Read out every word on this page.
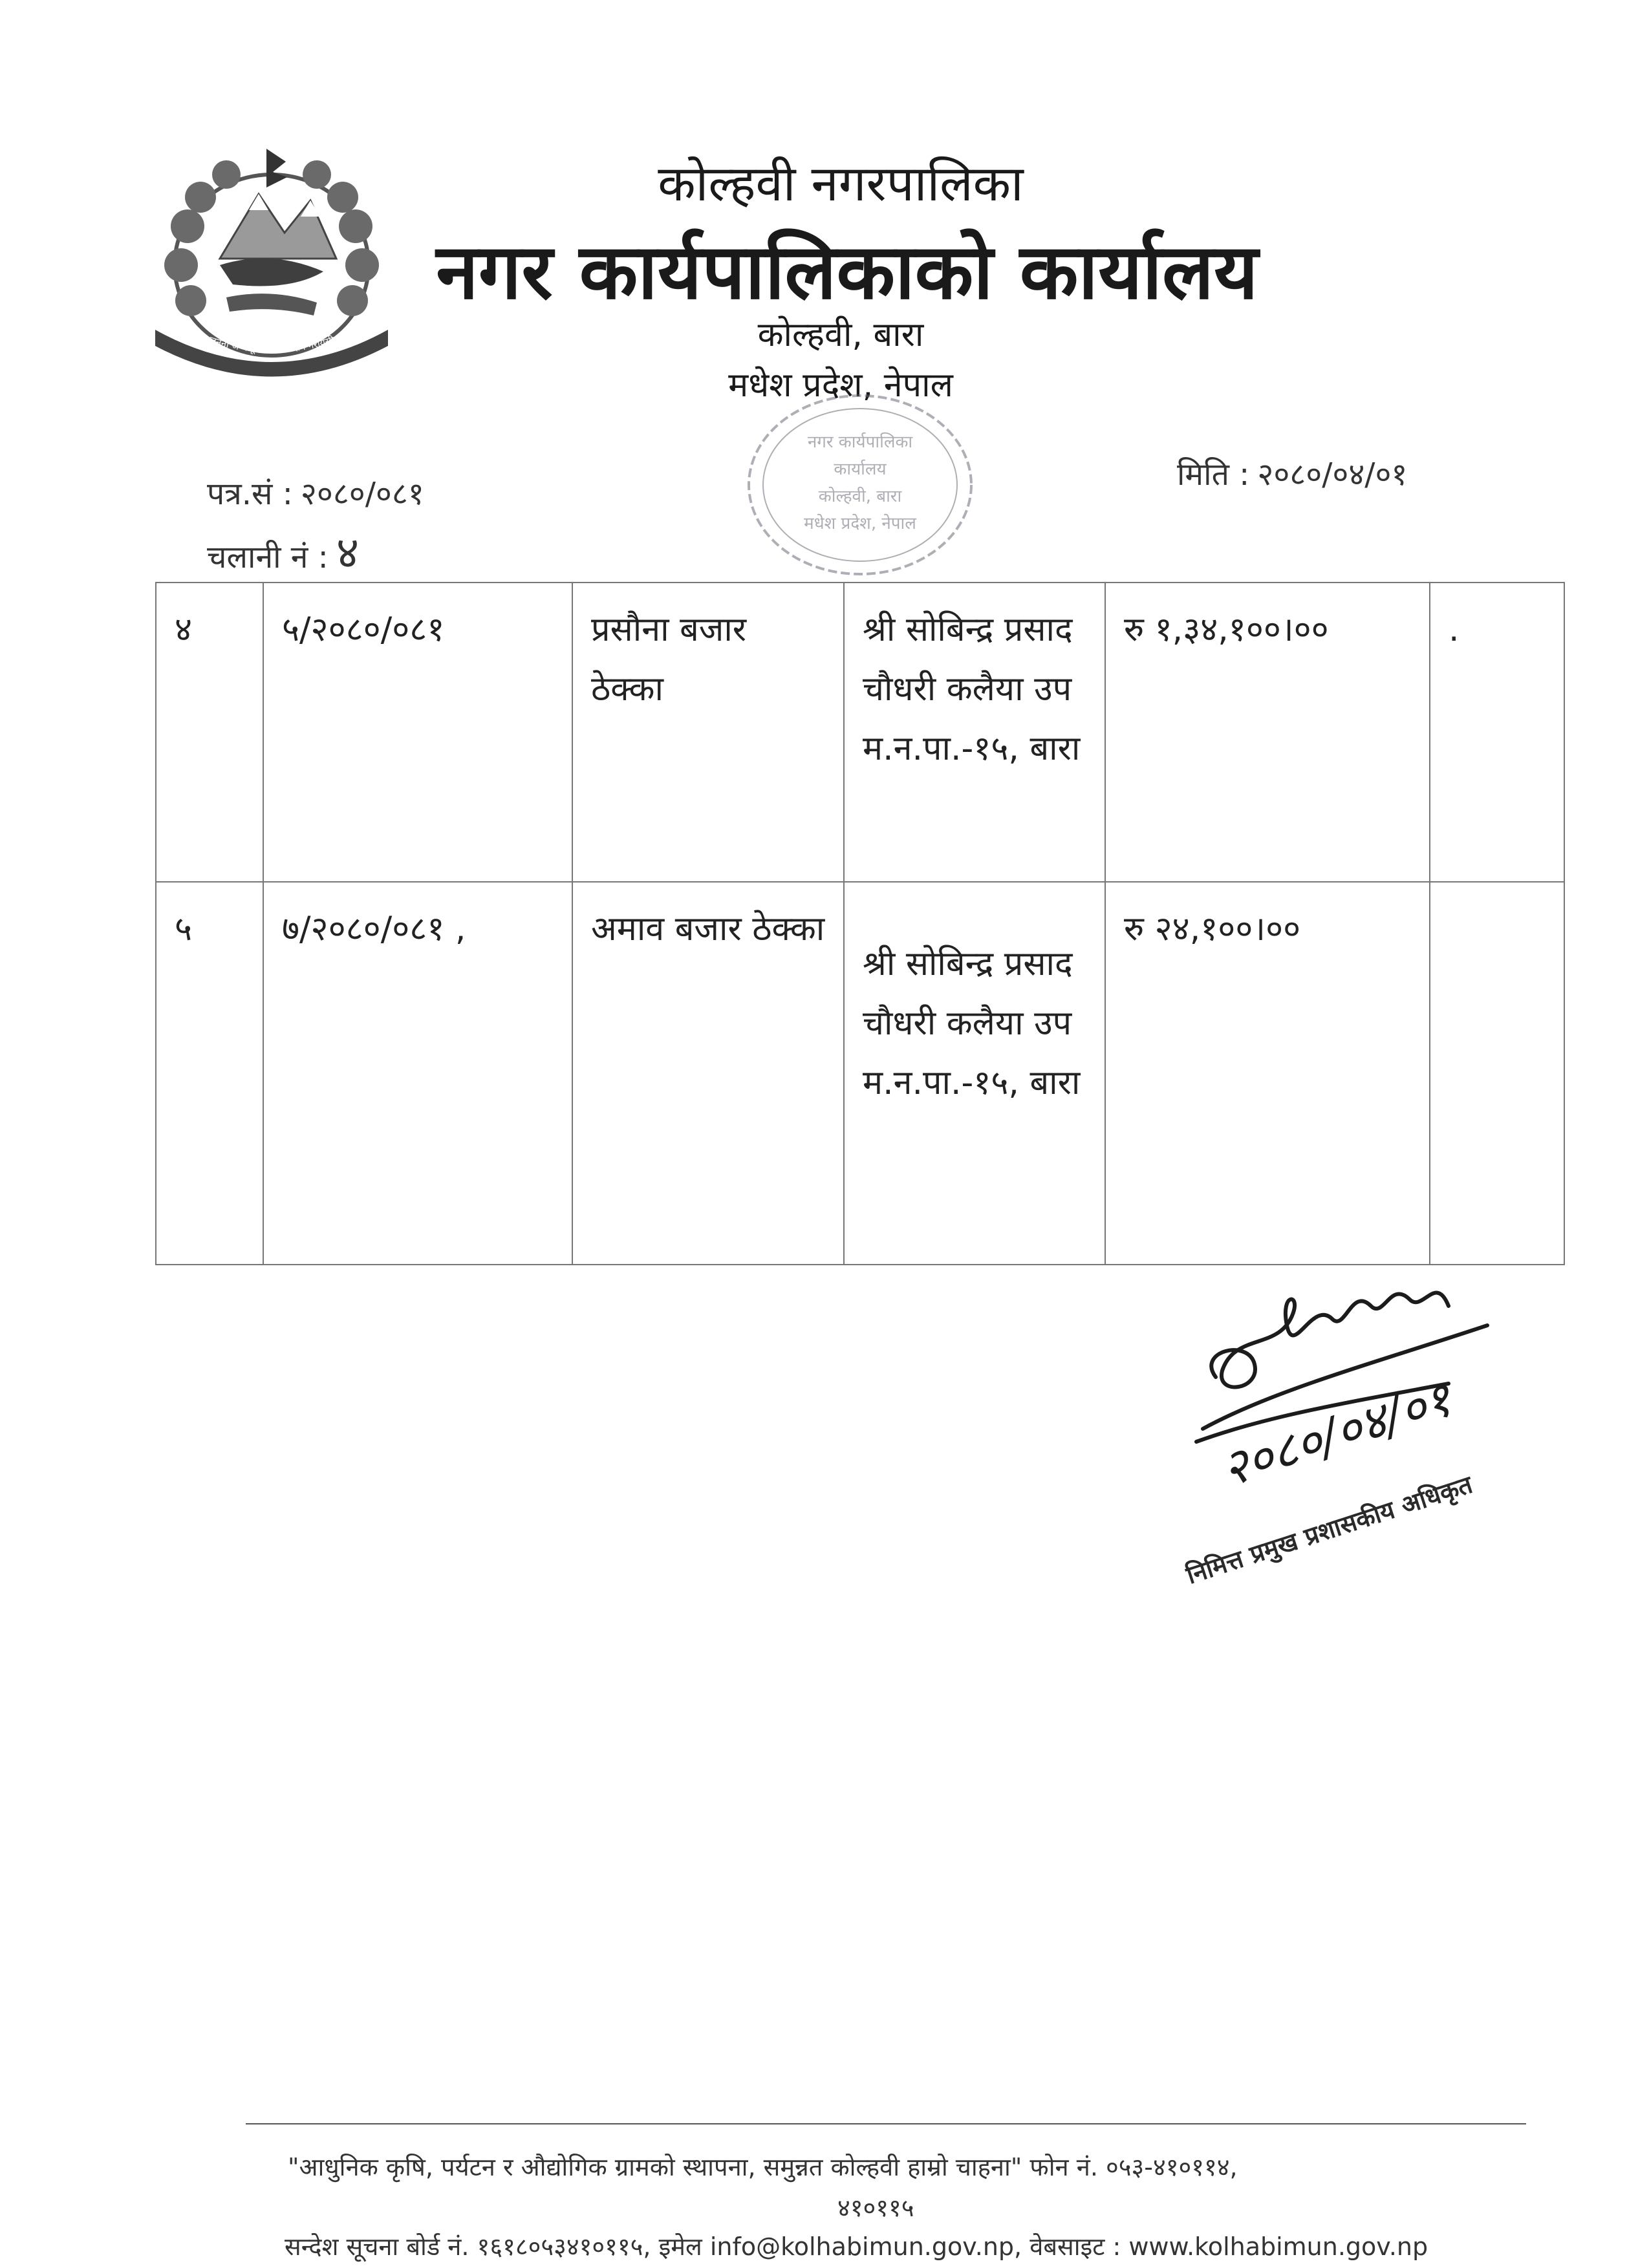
जननी जन्मभूमिश्च स्वर्गादपि गरीयसी
कोल्हवी नगरपालिका
नगर कार्यपालिकाको कार्यालय
कोल्हवी, बारा
मधेश प्रदेश, नेपाल
नगर कार्यपालिका
कार्यालय
कोल्हवी, बारा
मधेश प्रदेश, नेपाल
पत्र.सं : २०८०/०८१
चलानी नं : ४
मिति : २०८०/०४/०१
४	५/२०८०/०८१	प्रसौना बजार ठेक्का	श्री सोबिन्द्र प्रसाद चौधरी कलैया उप म.न.पा.-१५, बारा	रु १,३४,१००।००	.
५	७/२०८०/०८१ ,	अमाव बजार ठेक्का	श्री सोबिन्द्र प्रसाद चौधरी कलैया उप म.न.पा.-१५, बारा	रु २४,१००।००	
२०८०/०४/०१
निमित्त प्रमुख प्रशासकीय अधिकृत
"आधुनिक कृषि, पर्यटन र औद्योगिक ग्रामको स्थापना, समुन्नत कोल्हवी हाम्रो चाहना" फोन नं. ०५३-४१०११४,
४१०११५
सन्देश सूचना बोर्ड नं. १६१८०५३४१०११५, इमेल info@kolhabimun.gov.np, वेबसाइट : www.kolhabimun.gov.np
